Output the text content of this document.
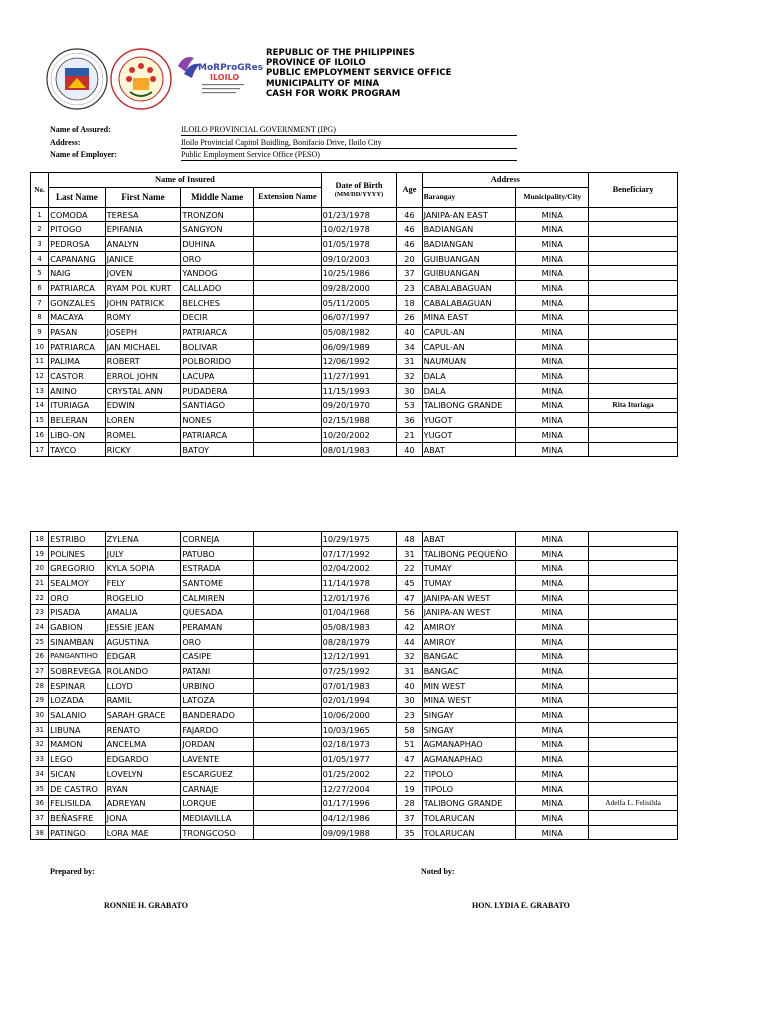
MoRProGRes
ILOILO
REPUBLIC OF THE PHILIPPINES
PROVINCE OF ILOILO
PUBLIC EMPLOYMENT SERVICE OFFICE
MUNICIPALITY OF MINA
CASH FOR WORK PROGRAM
Name of Assured:	ILOILO PROVINCIAL GOVERNMENT (IPG)
Address:	Iloilo Provincial Capitol Buidling, Bonifacio Drive, Iloilo City
Name of Employer:	Public Employment Service Office (PESO)
No.	Name of Insured				Date of Birth
(MM/DD/YYYY)	Age	Address		Beneficiary
	Last Name	First Name	Middle Name	Extension Name			Barangay	Municipality/City	
1	COMODA	TERESA	TRONZON		01/23/1978	46	JANIPA-AN EAST	MINA	
2	PITOGO	EPIFANIA	SANGYON		10/02/1978	46	BADIANGAN	MINA	
3	PEDROSA	ANALYN	DUHINA		01/05/1978	46	BADIANGAN	MINA	
4	CAPANANG	JANICE	ORO		09/10/2003	20	GUIBUANGAN	MINA	
5	NAIG	JOVEN	YANDOG		10/25/1986	37	GUIBUANGAN	MINA	
6	PATRIARCA	RYAM POL KURT	CALLADO		09/28/2000	23	CABALABAGUAN	MINA	
7	GONZALES	JOHN PATRICK	BELCHES		05/11/2005	18	CABALABAGUAN	MINA	
8	MACAYA	ROMY	DECIR		06/07/1997	26	MINA EAST	MINA	
9	PASAN	JOSEPH	PATRIARCA		05/08/1982	40	CAPUL-AN	MINA	
10	PATRIARCA	JAN MICHAEL	BOLIVAR		06/09/1989	34	CAPUL-AN	MINA	
11	PALIMA	ROBERT	POLBORIDO		12/06/1992	31	NAUMUAN	MINA	
12	CASTOR	ERROL JOHN	LACUPA		11/27/1991	32	DALA	MINA	
13	ANINO	CRYSTAL ANN	PUDADERA		11/15/1993	30	DALA	MINA	
14	ITURIAGA	EDWIN	SANTIAGO		09/20/1970	53	TALIBONG GRANDE	MINA	Rita Ituriaga
15	BELERAN	LOREN	NONES		02/15/1988	36	YUGOT	MINA	
16	LIBO-ON	ROMEL	PATRIARCA		10/20/2002	21	YUGOT	MINA	
17	TAYCO	RICKY	BATOY		08/01/1983	40	ABAT	MINA	
18	ESTRIBO	ZYLENA	CORNEJA		10/29/1975	48	ABAT	MINA	
19	POLINES	JULY	PATUBO		07/17/1992	31	TALIBONG PEQUEÑO	MINA	
20	GREGORIO	KYLA SOPIA	ESTRADA		02/04/2002	22	TUMAY	MINA	
21	SEALMOY	FELY	SANTOME		11/14/1978	45	TUMAY	MINA	
22	ORO	ROGELIO	CALMIREN		12/01/1976	47	JANIPA-AN WEST	MINA	
23	PISADA	AMALIA	QUESADA		01/04/1968	56	JANIPA-AN WEST	MINA	
24	GABION	JESSIE JEAN	PERAMAN		05/08/1983	42	AMIROY	MINA	
25	SINAMBAN	AGUSTINA	ORO		08/28/1979	44	AMIROY	MINA	
26	PANGANTIHO	EDGAR	CASIPE		12/12/1991	32	BANGAC	MINA	
27	SOBREVEGA	ROLANDO	PATANI		07/25/1992	31	BANGAC	MINA	
28	ESPINAR	LLOYD	URBINO		07/01/1983	40	MIN WEST	MINA	
29	LOZADA	RAMIL	LATOZA		02/01/1994	30	MINA WEST	MINA	
30	SALANIO	SARAH GRACE	BANDERADO		10/06/2000	23	SINGAY	MINA	
31	LIBUNA	RENATO	FAJARDO		10/03/1965	58	SINGAY	MINA	
32	MAMON	ANCELMA	JORDAN		02/18/1973	51	AGMANAPHAO	MINA	
33	LEGO	EDGARDO	LAVENTE		01/05/1977	47	AGMANAPHAO	MINA	
34	SICAN	LOVELYN	ESCARGUEZ		01/25/2002	22	TIPOLO	MINA	
35	DE CASTRO	RYAN	CARNAJE		12/27/2004	19	TIPOLO	MINA	
36	FELISILDA	ADREYAN	LORQUE		01/17/1996	28	TALIBONG GRANDE	MINA	Adelfa L. Felisilda
37	BEÑASFRE	JONA	MEDIAVILLA		04/12/1986	37	TOLARUCAN	MINA	
38	PATINGO	LORA MAE	TRONGCOSO		09/09/1988	35	TOLARUCAN	MINA	
Prepared by:
RONNIE H. GRABATO
Noted by:
HON. LYDIA E. GRABATO
